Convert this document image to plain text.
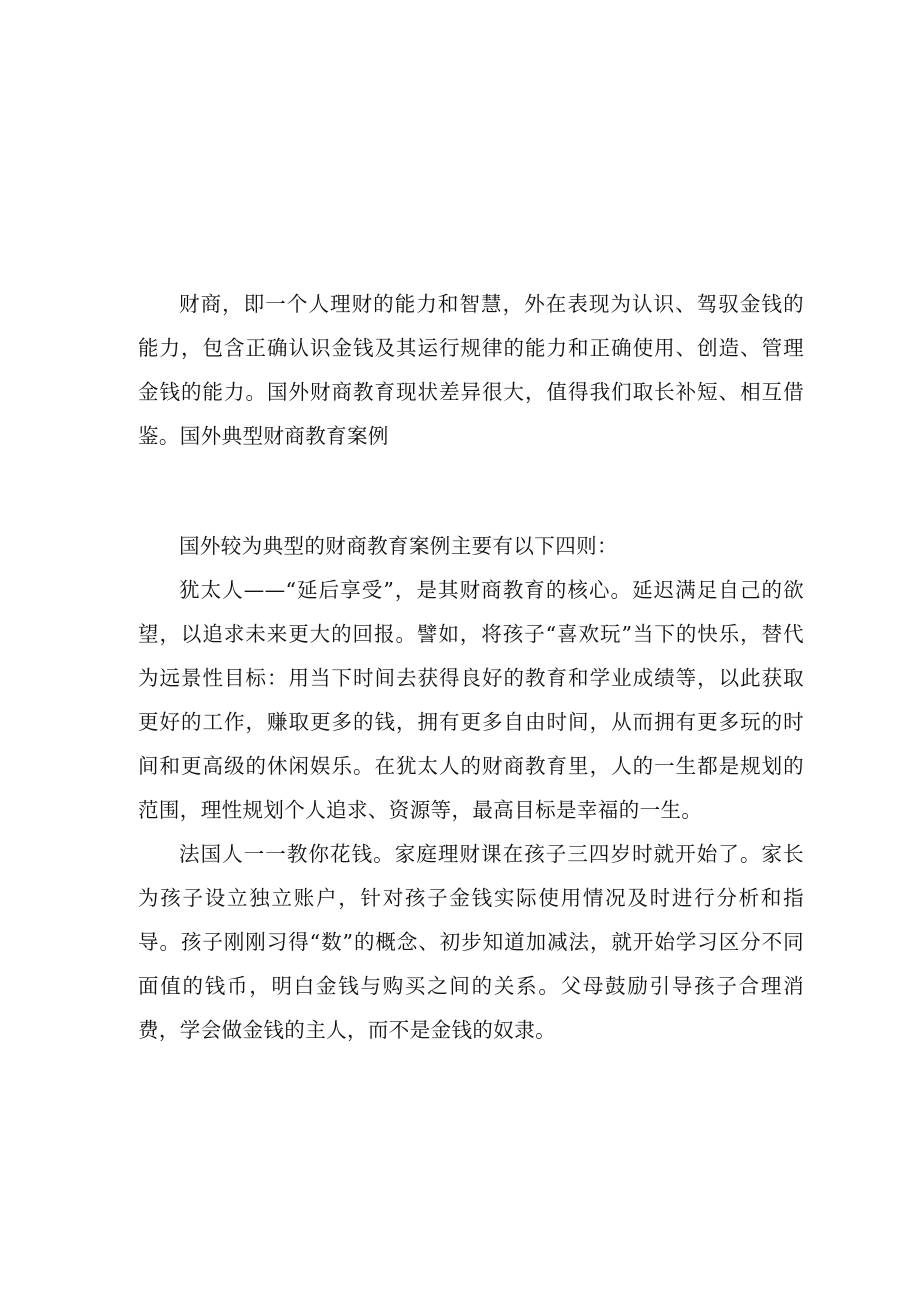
财商，即一个人理财的能力和智慧，外在表现为认识、驾驭金钱的能力，包含正确认识金钱及其运行规律的能力和正确使用、创造、管理金钱的能力。国外财商教育现状差异很大，值得我们取长补短、相互借鉴。国外典型财商教育案例

国外较为典型的财商教育案例主要有以下四则：

犹太人——“延后享受”，是其财商教育的核心。延迟满足自己的欲望，以追求未来更大的回报。譬如，将孩子“喜欢玩”当下的快乐，替代为远景性目标：用当下时间去获得良好的教育和学业成绩等，以此获取更好的工作，赚取更多的钱，拥有更多自由时间，从而拥有更多玩的时间和更高级的休闲娱乐。在犹太人的财商教育里，人的一生都是规划的范围，理性规划个人追求、资源等，最高目标是幸福的一生。

法国人一一教你花钱。家庭理财课在孩子三四岁时就开始了。家长为孩子设立独立账户，针对孩子金钱实际使用情况及时进行分析和指导。孩子刚刚习得“数”的概念、初步知道加减法，就开始学习区分不同面值的钱币，明白金钱与购买之间的关系。父母鼓励引导孩子合理消费，学会做金钱的主人，而不是金钱的奴隶。
